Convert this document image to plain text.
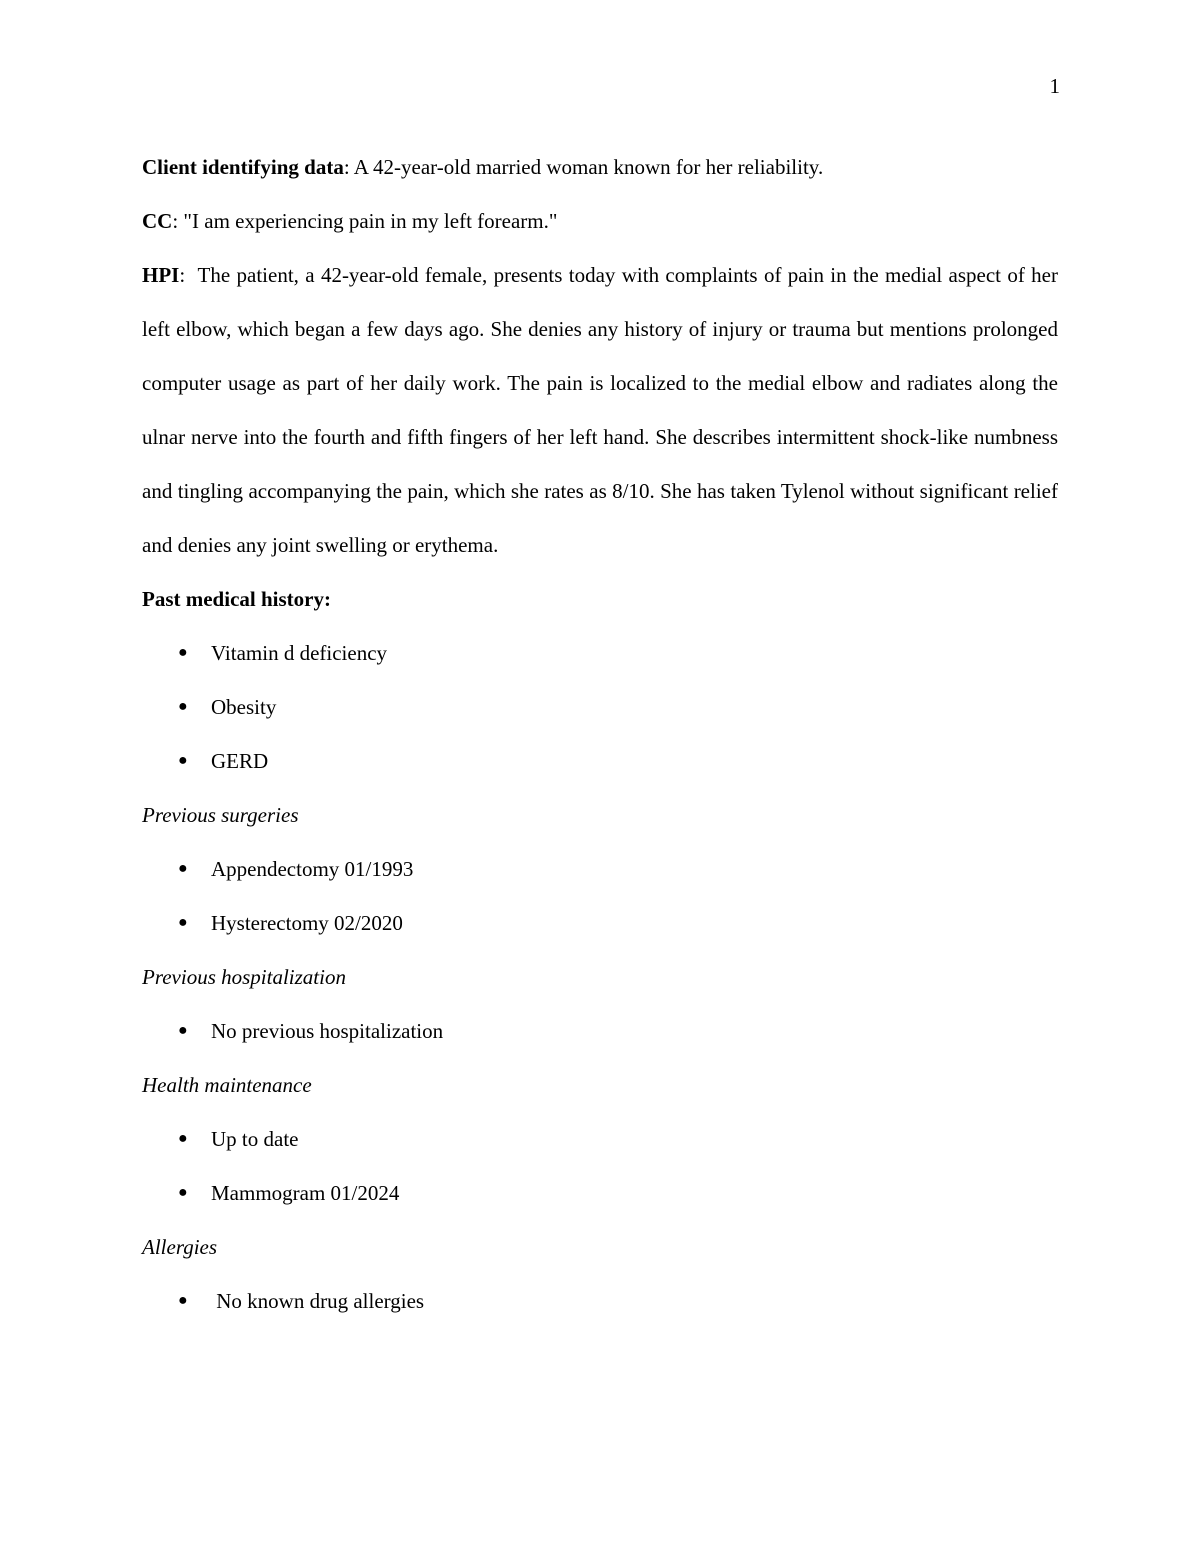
1

Client identifying data: A 42-year-old married woman known for her reliability.

CC: "I am experiencing pain in my left forearm."

HPI:  The patient, a 42-year-old female, presents today with complaints of pain in the medial aspect of her left elbow, which began a few days ago. She denies any history of injury or trauma but mentions prolonged computer usage as part of her daily work. The pain is localized to the medial elbow and radiates along the ulnar nerve into the fourth and fifth fingers of her left hand. She describes intermittent shock-like numbness and tingling accompanying the pain, which she rates as 8/10. She has taken Tylenol without significant relief and denies any joint swelling or erythema.

Past medical history:

● Vitamin d deficiency
● Obesity
● GERD

Previous surgeries

● Appendectomy 01/1993
● Hysterectomy 02/2020

Previous hospitalization

● No previous hospitalization

Health maintenance

● Up to date
● Mammogram 01/2024

Allergies

● No known drug allergies
